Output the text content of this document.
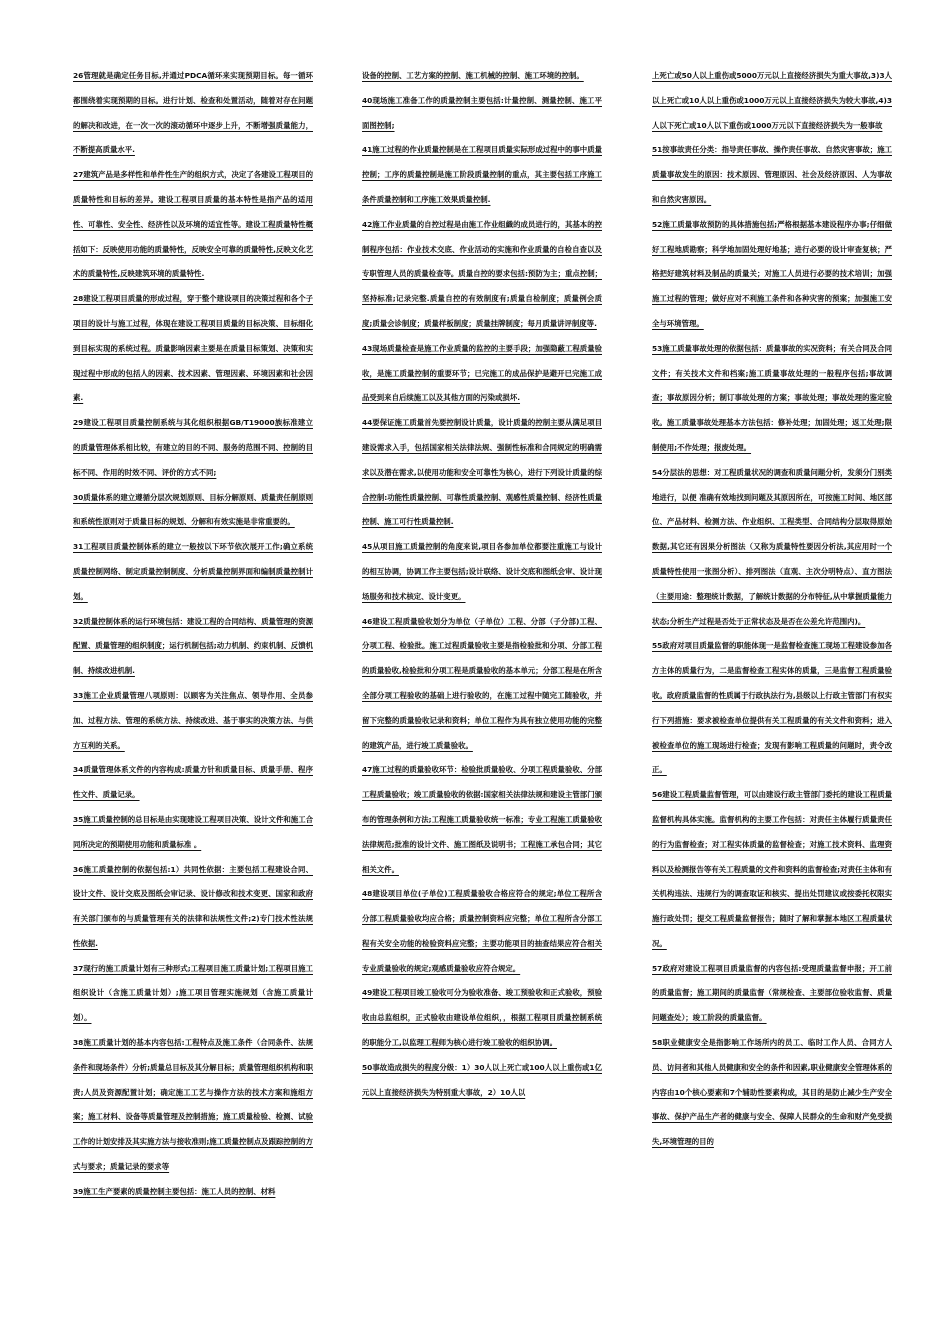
26管理就是确定任务目标,并通过PDCA循环来实现预期目标。每一循环都围绕着实现预期的目标。进行计划、检查和处置活动，随着对存在问题的解决和改进，在一次一次的滚动循环中逐步上升，不断增强质量能力，不断提高质量水平.

27建筑产品是多样性和单件性生产的组织方式，决定了各建设工程项目的质量特性和目标的差异。建设工程项目质量的基本特性是指产品的适用性、可靠性、安全性、经济性以及环境的适宜性等。建设工程质量特性概括如下：反映使用功能的质量特性，反映安全可靠的质量特性,反映文化艺术的质量特性,反映建筑环境的质量特性.

28建设工程项目质量的形成过程，穿于整个建设项目的决策过程和各个子项目的设计与施工过程，体现在建设工程项目质量的目标决策、目标细化到目标实现的系统过程。质量影响因素主要是在质量目标策划、决策和实现过程中形成的包括人的因素、技术因素、管理因素、环境因素和社会因素.

29建设工程项目质量控制系统与其化组织根据GB/T19000族标准建立的质量管理体系相比较，有建立的目的不同、服务的范围不同、控制的目标不同、作用的时效不同、评价的方式不同;

30质量体系的建立遵循分层次规划原则、目标分解原则、质量责任制原则和系统性原则对于质量目标的规划、分解和有效实施是非常重要的。

31工程项目质量控制体系的建立一般按以下环节依次展开工作;确立系统质量控制网络、制定质量控制制度、分析质量控制界面和编制质量控制计划。

32质量控制体系的运行环境包括：建设工程的合同结构、质量管理的资源配置、质量管理的组织制度；运行机制包括;动力机制、约束机制、反馈机制、持续改进机制.

33施工企业质量管理八项原则：以顾客为关注焦点、领导作用、全员参加、过程方法、管理的系统方法、持续改进、基于事实的决策方法、与供方互利的关系。

34质量管理体系文件的内容构成:质量方针和质量目标、质量手册、程序性文件、质量记录。

35施工质量控制的总目标是由实现建设工程项目决策、设计文件和施工合同所决定的预期使用功能和质量标准 。

36施工质量控制的依据包括:1）共同性依据：主要包括工程建设合同、设计文件、设计交底及图纸会审记录、设计修改和技术变更、国家和政府有关部门颁布的与质量管理有关的法律和法规性文件;2)专门技术性法规性依据.

37现行的施工质量计划有三种形式;工程项目施工质量计划;工程项目施工组织设计（含施工质量计划）;施工项目管理实施规划（含施工质量计划）。

38施工质量计划的基本内容包括:工程特点及施工条件（合同条件、法规条件和现场条件）分析;质量总目标及其分解目标；质量管理组织机构和职责;人员及资源配置计划；确定施工工艺与操作方法的技术方案和施组方案；施工材料、设备等质量管理及控制措施；施工质量检验、检测、试验工作的计划安排及其实施方法与接收准则;施工质量控制点及跟踪控制的方式与要求；质量记录的要求等

39施工生产要素的质量控制主要包括：施工人员的控制、材料

设备的控制、工艺方案的控制、施工机械的控制、施工环境的控制。

40现场施工准备工作的质量控制主要包括:计量控制、测量控制、施工平面图控制;

41施工过程的作业质量控制是在工程项目质量实际形成过程中的事中质量控制；工序的质量控制是施工阶段质量控制的重点，其主要包括工序施工条件质量控制和工序施工效果质量控制.

42施工作业质量的自控过程是由施工作业组織的成员进行的，其基本的控制程序包括：作业技术交底、作业活动的实施和作业质量的自检自查以及专职管理人员的质量检查等。质量自控的要求包括:预防为主；重点控制；坚持标准;记录完整.质量自控的有效制度有;质量自检制度；质量例会质度;质量会诊制度；质量样板制度；质量挂牌制度；每月质量讲评制度等.

43现场质量检查是施工作业质量的监控的主要手段；加强隐蔽工程质量验收，是施工质量控制的重要环节；已完施工的成品保护是避开已完施工成品受到来自后续施工以及其他方面的污染或损坏.

44要保证施工质量首先要控制设计质量，设计质量的控制主要从满足项目建设需求入手，包括国家相关法律法规、强制性标准和合同规定的明确需求以及潜在需求,以使用功能和安全可靠性为核心，进行下列设计质量的综合控制:功能性质量控制、可靠性质量控制、观感性质量控制、经济性质量控制、施工可行性质量控制.

45从项目施工质量控制的角度来说,项目各参加单位都要注重施工与设计的相互协调，协调工作主要包括;设计联络、设计交底和图纸会审、设计现场服务和技术核定、设计变更。

46建设工程质量验收划分为单位（子单位）工程、分部（子分部)工程、分项工程、检验批。施工过程质量验收主要是指检验批和分项、分部工程的质量验收,检验批和分项工程是质量验收的基本单元；分部工程是在所含全部分项工程验收的基础上进行验收的，在施工过程中随完工随验收，并留下完整的质量验收记录和资料；单位工程作为具有独立使用功能的完整的建筑产品，进行竣工质量验收。

47施工过程的质量验收环节：检验批质量验收、分项工程质量验收、分部工程质量验收；竣工质量验收的依据:国家相关法律法规和建设主管部门颁布的管理条例和方法;工程施工质量验收统一标准；专业工程施工质量验收法律规范;批准的设计文件、施工图纸及说明书；工程施工承包合同；其它相关文件。

48建设项目单位(子单位)工程质量验收合格应符合的规定;单位工程所含分部工程质量验收均应合格；质量控制资料应完整；单位工程所含分部工程有关安全功能的检验资料应完整；主要功能项目的抽查结果应符合相关专业质量验收的规定;观感质量验收应符合规定。

49建设工程项目竣工验收可分为验收准备、竣工预验收和正式验收，预验收由总监组织，正式验收由建设单位组织，，根据工程项目质量控制系统的职能分工,以监理工程师为核心进行竣工验收的组织协调。

50事故造成损失的程度分级：1）30人以上死亡或100人以上重伤或1亿元以上直接经济损失为特别重大事故，2）10人以

上死亡或50人以上重伤或5000万元以上直接经济损失为重大事故,3)3人以上死亡或10人以上重伤或1000万元以上直接经济损失为较大事故,4)3人以下死亡或10人以下重伤或1000万元以下直接经济损失为一般事故

51按事故责任分类：指导责任事故、操作责任事故、自然灾害事故；施工质量事故发生的原因：技术原因、管理原因、社会及经济原因、人为事故和自然灾害原因。

52施工质量事故预防的具体措施包括;严格根据基本建设程序办事;仔细做好工程地质勘察；科学地加固处理好地基；进行必要的设计审查复核；严格把好建筑材料及制品的质量关；对施工人员进行必要的技术培训；加强施工过程的管理；做好应对不利施工条件和各种灾害的预案；加强施工安全与环境管理。

53施工质量事故处理的依据包括：质量事故的实况资料；有关合同及合同文件；有关技术文件和档案;施工质量事故处理的一般程序包括;事故调查；事故原因分析；制订事故处理的方案；事故处理；事故处理的鉴定验收。施工质量事故处理基本方法包括：修补处理；加固处理；返工处理;限制使用;不作处理；报废处理。

54分层法的思想：对工程质量状况的调查和质量问题分析，发须分门别类地进行，以便 准确有效地找到问题及其原因所在，可按施工时间、地区部位、产品材料、检测方法、作业组织、工程类型、合同结构分层取得原始数据,其它还有因果分析图法（又称为质量特性要因分析法,其应用时一个质量特性使用一张图分析）、排列图法（直观、主次分明特点）、直方图法（主要用途：整理统计数据，了解统计数据的分布特征,从中掌握质量能力状态;分析生产过程是否处于正常状态及是否在公差允许范围内)。

55政府对项目质量监督的职能体现一是监督检查施工现场工程建设参加各方主体的质量行为，二是监督检查工程实体的质量，三是监督工程质量验收。政府质量监督的性质属于行政执法行为,县级以上行政主管部门有权实行下列措施：要求被检查单位提供有关工程质量的有关文件和资料；进入被检查单位的施工现场进行检查；发现有影响工程质量的问题时，责令改正。

56建设工程质量监督管理，可以由建设行政主管部门委托的建设工程质量监督机构具体实施。监督机构的主要工作包括：对责任主体履行质量责任的行为监督检查；对工程实体质量的监督检查；对施工技术资料、监理资料以及检测报告等有关工程质量的文件和资料的监督检查;对责任主体和有关机构违法、违规行为的调查取证和核实、提出处罚建议或按委托权限实施行政处罚；提交工程质量监督报告；随时了解和掌握本地区工程质量状况。

57政府对建设工程项目质量监督的内容包括:受理质量监督申报；开工前的质量监督；施工期间的质量监督（常规检查、主要部位验收监督、质量问题查处）；竣工阶段的质量监督。

58职业健康安全是指影响工作场所内的员工、临时工作人员、合同方人员、访问者和其他人员健康和安全的条件和因素,职业健康安全管理体系的内容由10个核心要素和7个辅助性要素构成，其目的是防止减少生产安全事故、保护产品生产者的健康与安全、保障人民群众的生命和财产免受损失,环境管理的目的
